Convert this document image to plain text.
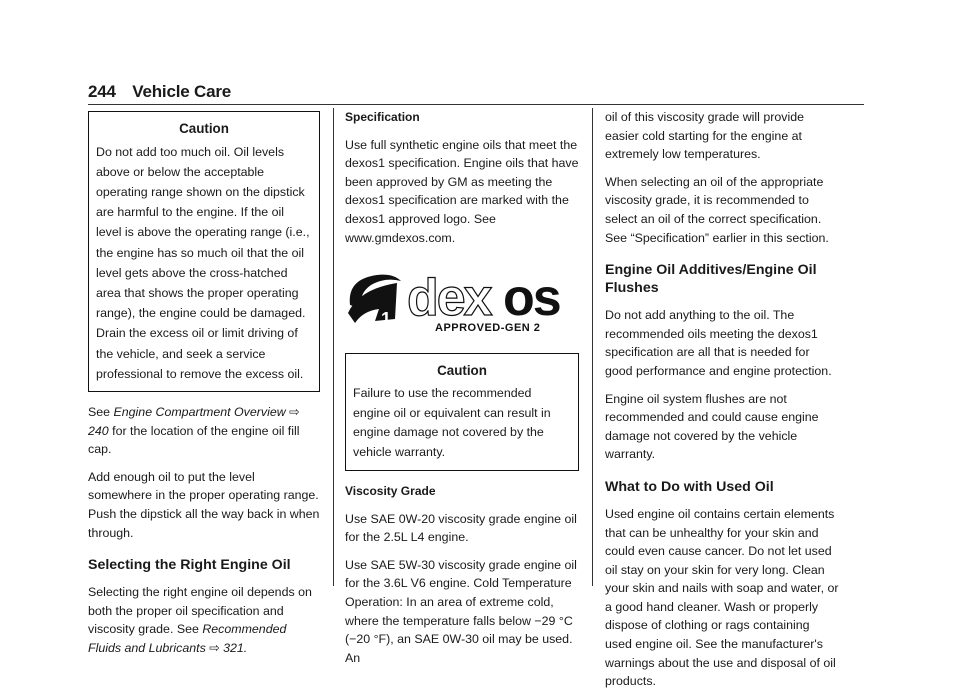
244 Vehicle Care
Caution
Do not add too much oil. Oil levels above or below the acceptable operating range shown on the dipstick are harmful to the engine. If the oil level is above the operating range (i.e., the engine has so much oil that the oil level gets above the cross-hatched area that shows the proper operating range), the engine could be damaged. Drain the excess oil or limit driving of the vehicle, and seek a service professional to remove the excess oil.

See Engine Compartment Overview ⇨ 240 for the location of the engine oil fill cap.

Add enough oil to put the level somewhere in the proper operating range. Push the dipstick all the way back in when through.

Selecting the Right Engine Oil

Selecting the right engine oil depends on both the proper oil specification and viscosity grade. See Recommended Fluids and Lubricants ⇨ 321.

Specification

Use full synthetic engine oils that meet the dexos1 specification. Engine oils that have been approved by GM as meeting the dexos1 specification are marked with the dexos1 approved logo. See www.gmdexos.com.

1 dex os
APPROVED-GEN 2
Caution
Failure to use the recommended engine oil or equivalent can result in engine damage not covered by the vehicle warranty.
Viscosity Grade

Use SAE 0W-20 viscosity grade engine oil for the 2.5L L4 engine.

Use SAE 5W-30 viscosity grade engine oil for the 3.6L V6 engine. Cold Temperature Operation: In an area of extreme cold, where the temperature falls below −29 °C (−20 °F), an SAE 0W-30 oil may be used. An

oil of this viscosity grade will provide easier cold starting for the engine at extremely low temperatures.

When selecting an oil of the appropriate viscosity grade, it is recommended to select an oil of the correct specification. See “Specification” earlier in this section.

Engine Oil Additives/Engine Oil Flushes

Do not add anything to the oil. The recommended oils meeting the dexos1 specification are all that is needed for good performance and engine protection.

Engine oil system flushes are not recommended and could cause engine damage not covered by the vehicle warranty.

What to Do with Used Oil

Used engine oil contains certain elements that can be unhealthy for your skin and could even cause cancer. Do not let used oil stay on your skin for very long. Clean your skin and nails with soap and water, or a good hand cleaner. Wash or properly dispose of clothing or rags containing used engine oil. See the manufacturer's warnings about the use and disposal of oil products.
